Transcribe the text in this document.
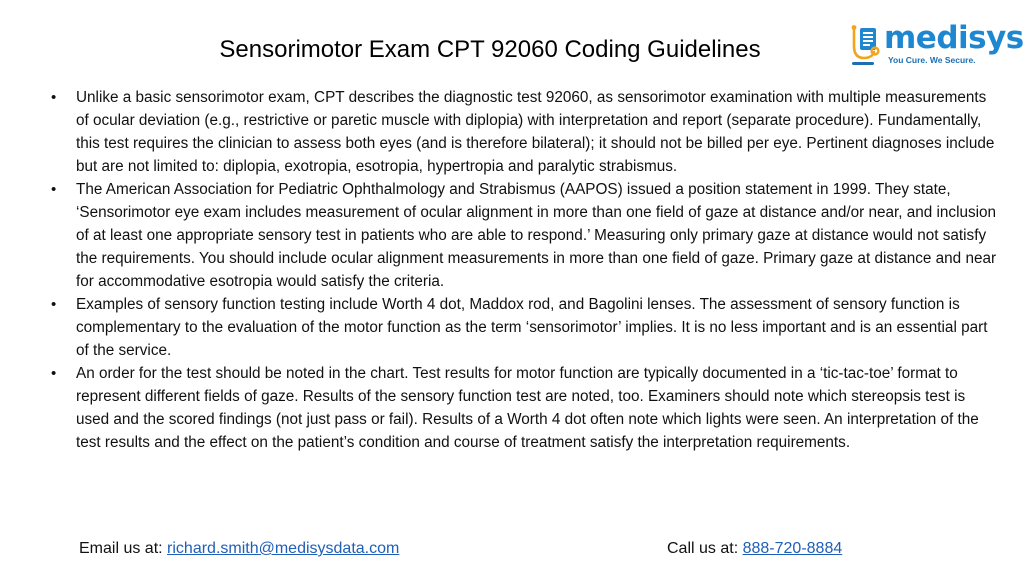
Sensorimotor Exam CPT 92060 Coding Guidelines	medisys
You Cure. We Secure.
• Unlike a basic sensorimotor exam, CPT describes the diagnostic test 92060, as sensorimotor examination with multiple measurements of ocular deviation (e.g., restrictive or paretic muscle with diplopia) with interpretation and report (separate procedure). Fundamentally, this test requires the clinician to assess both eyes (and is therefore bilateral); it should not be billed per eye. Pertinent diagnoses include but are not limited to: diplopia, exotropia, esotropia, hypertropia and paralytic strabismus.
• The American Association for Pediatric Ophthalmology and Strabismus (AAPOS) issued a position statement in 1999. They state, ‘Sensorimotor eye exam includes measurement of ocular alignment in more than one field of gaze at distance and/or near, and inclusion of at least one appropriate sensory test in patients who are able to respond.’ Measuring only primary gaze at distance would not satisfy the requirements. You should include ocular alignment measurements in more than one field of gaze. Primary gaze at distance and near for accommodative esotropia would satisfy the criteria.
• Examples of sensory function testing include Worth 4 dot, Maddox rod, and Bagolini lenses. The assessment of sensory function is complementary to the evaluation of the motor function as the term ‘sensorimotor’ implies. It is no less important and is an essential part of the service.
• An order for the test should be noted in the chart. Test results for motor function are typically documented in a ‘tic-tac-toe’ format to represent different fields of gaze. Results of the sensory function test are noted, too. Examiners should note which stereopsis test is used and the scored findings (not just pass or fail). Results of a Worth 4 dot often note which lights were seen. An interpretation of the test results and the effect on the patient’s condition and course of treatment satisfy the interpretation requirements.
Email us at: richard.smith@medisysdata.com	Call us at: 888-720-8884
